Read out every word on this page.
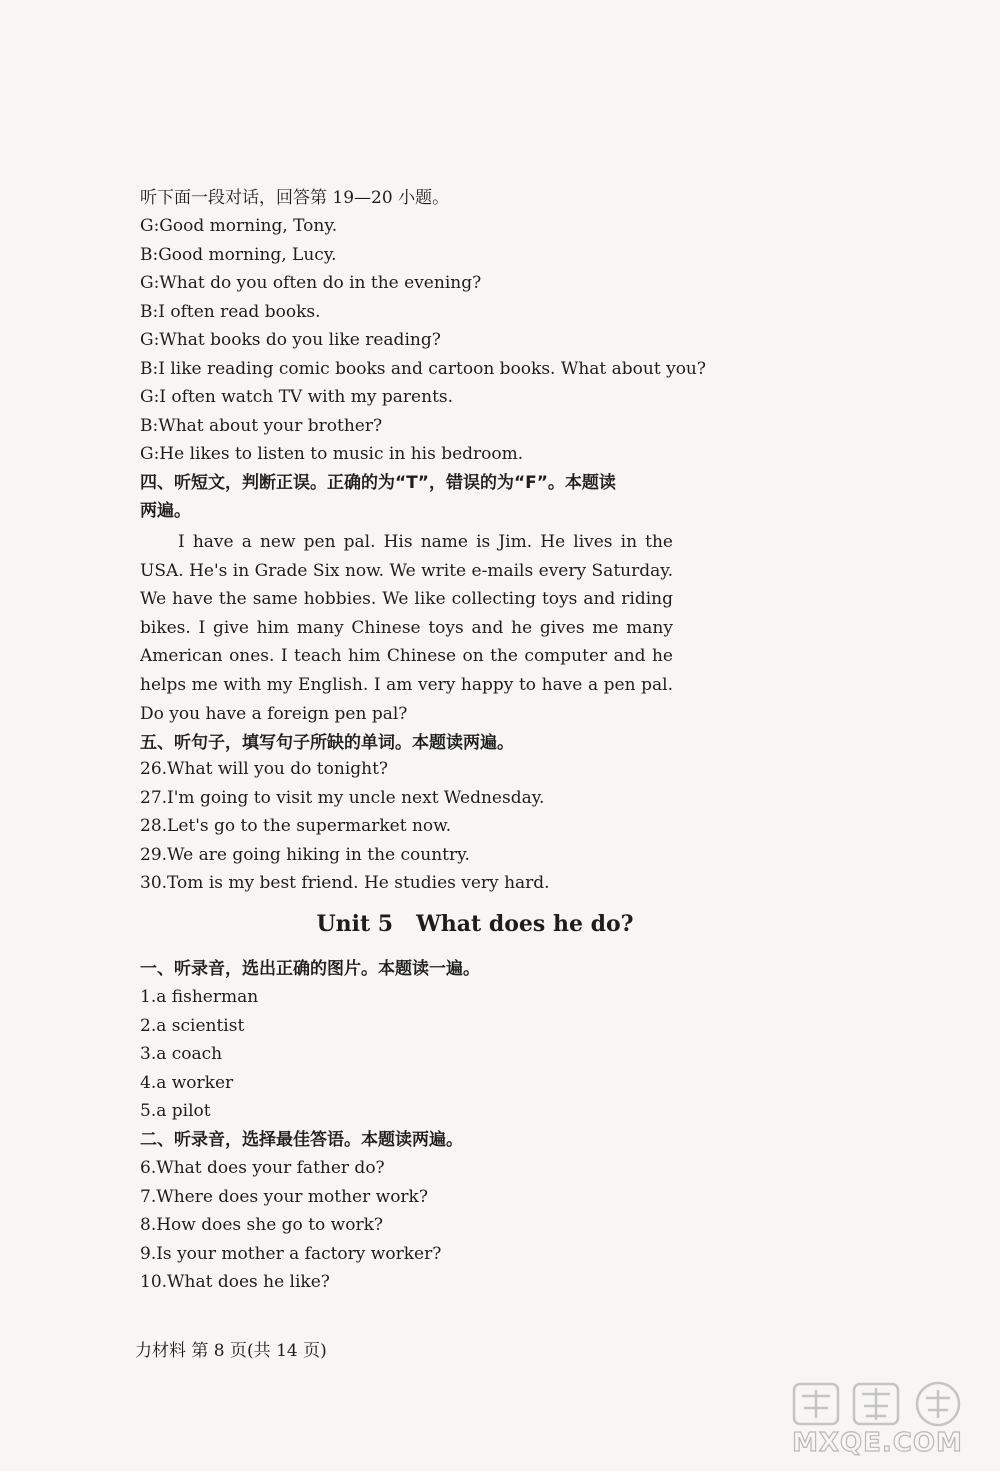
听下面一段对话，回答第 19—20 小题。
G:Good morning, Tony.
B:Good morning, Lucy.
G:What do you often do in the evening?
B:I often read books.
G:What books do you like reading?
B:I like reading comic books and cartoon books. What about you?
G:I often watch TV with my parents.
B:What about your brother?
G:He likes to listen to music in his bedroom.
四、听短文，判断正误。正确的为“T”，错误的为“F”。本题读
两遍。
I have a new pen pal. His name is Jim. He lives in the USA. He's in Grade Six now. We write e-mails every Saturday. We have the same hobbies. We like collecting toys and riding bikes. I give him many Chinese toys and he gives me many American ones. I teach him Chinese on the computer and he helps me with my English. I am very happy to have a pen pal. Do you have a foreign pen pal?
五、听句子，填写句子所缺的单词。本题读两遍。
26.What will you do tonight?
27.I'm going to visit my uncle next Wednesday.
28.Let's go to the supermarket now.
29.We are going hiking in the country.
30.Tom is my best friend. He studies very hard.
Unit 5   What does he do?
一、听录音，选出正确的图片。本题读一遍。
1.a fisherman
2.a scientist
3.a coach
4.a worker
5.a pilot
二、听录音，选择最佳答语。本题读两遍。
6.What does your father do?
7.Where does your mother work?
8.How does she go to work?
9.Is your mother a factory worker?
10.What does he like?
力材料 第 8 页(共 14 页)
MXQE.COM
